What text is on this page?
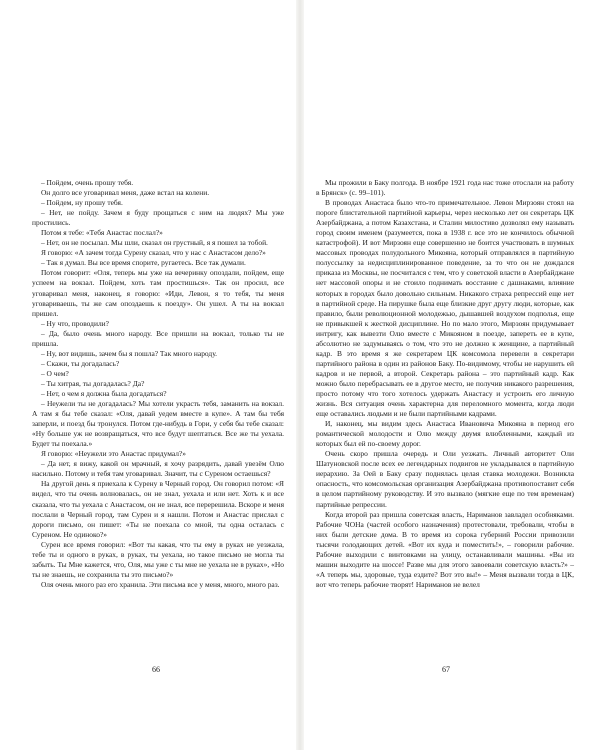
– Пойдем, очень прошу тебя.

Он долго все уговаривал меня, даже встал на колени.

– Пойдем, ну прошу тебя.

– Нет, не пойду. Зачем я буду прощаться с ним на людях? Мы уже простились.

Потом я тебе: «Тебя Анастас послал?»

– Нет, он не посылал. Мы шли, сказал он грустный, я я пошел за тобой.

Я говорю: «А зачем тогда Сурену сказал, что у нас с Анастасом дело?»

– Так я думал. Вы все время спорите, ругаетесь. Все так думали.

Потом говорит: «Оля, теперь мы уже на вечеринку опоздали, пойдем, еще успеем на вокзал. Пойдем, хоть там простишься». Так он просил, все уговаривал меня, наконец, я говорю: «Иди, Левон, я то тебя, ты меня уговариваешь, ты же сам опоздаешь к поезду». Он ушел. А ты на вокзал пришел.

– Ну что, проводили?

– Да, было очень много народу. Все пришли на вокзал, только ты не пришла.

– Ну, вот видишь, зачем бы я пошла? Так много народу.

– Скажи, ты догадалась?

– О чем?

– Ты хитрая, ты догадалась? Да?

– Нет, о чем я должна была догадаться?

– Неужели ты не догадалась? Мы хотели украсть тебя, заманить на вокзал. А там я бы тебе сказал: «Оля, давай уедем вместе в купе». А там бы тебя заперли, и поезд бы тронулся. Потом где-нибудь в Гори, у себя бы тебе сказал: «Ну больше уж не возвращаться, что все будут шептаться. Все же ты уехала. Будет ты поехала.»

Я говорю: «Неужели это Анастас придумал?»

– Да нет, я вижу, какой он мрачный, я хочу разрядить, давай увезём Олю насильно. Потому и тебя там уговаривал. Значит, ты с Суреном остаешься?

На другой день я приехала к Сурену в Черный город. Он говорил потом: «Я видел, что ты очень волновалась, он не знал, уехала и или нет. Хоть к и все сказала, что ты уехала с Анастасом, он не знал, все перерешила. Вскоре и меня послали в Черный город, там Сурен и я нашли. Потом и Анастас прислал с дороги письмо, он пишет: «Ты не поехала со мной, ты одна осталась с Суреном. Не одиноко?»

Сурен все время говорил: «Вот ты какая, что ты ему в руках не уезжала, тебе ты и одного в руках, в руках, ты уехала, но такое письмо не могла ты забыть. Ты Мне кажется, что, Оля, мы уже с ты мне не уехала не в руках», «Но ты не знаешь, не сохранила ты это письмо?»

Оля очень много раз его хранила. Эти письма все у меня, много, много раз.

66

Мы прожили в Баку полгода. В ноябре 1921 года нас тоже отослали на работу в Брянск» (с. 99–101).

В проводах Анастаса было что-то примечательное. Левон Мирзоян стоял на пороге блистательной партийной карьеры, через несколько лет он секретарь ЦК Азербайджана, а потом Казахстана, и Сталин милостиво дозволял ему называть город своим именем (разумеется, пока в 1938 г. все это не кончилось обычной катастрофой). И вот Мирзоян еще совершенно не боится участвовать в шумных массовых проводах полудольного Микояна, который отправлялся в партийную полуссылку за недисциплинированное поведение, за то что он не дождался приказа из Москвы, не посчитался с тем, что у советской власти в Азербайджане нет массовой опоры и не стоило поднимать восстание с дашнаками, влияние которых в городах было довольно сильным. Никакого страха репрессий еще нет в партийной среде. На пирушке была еще близкие друг другу люди, которые, как правило, были революционной молодежью, дышавшей воздухом подполья, еще не привыкшей к жесткой дисциплине. Но по мало этого, Мирзоян придумывает интригу, как вывезти Олю вместе с Микояном в поезде, запереть ее в купе, абсолютно не задумываясь о том, что это не должно к женщине, а партийный кадр. В это время я же секретарем ЦК комсомола перевели в секретари партийного района в один из районов Баку. По-видимому, чтобы не нарушить ей кадров и не первой, а второй. Секретарь района – это партийный кадр. Как можно было перебрасывать ее в другое место, не получив никакого разрешения, просто потому что того хотелось удержать Анастасу и устроить его личную жизнь. Вся ситуация очень характерна для переломного момента, когда люди еще оставались людьми и не были партийными кадрами.

И, наконец, мы видим здесь Анастаса Ивановича Микояна в период его романтической молодости и Олю между двумя влюбленными, каждый из которых был ей по-своему дорог.

Очень скоро пришла очередь и Оли уезжать. Личный авторитет Оли Шатуновской после всех ее легендарных подвигов не укладывался в партийную иерархию. За Оей в Баку сразу поднялась целая ставка молодежи. Возникла опасность, что комсомольская организация Азербайджана противопоставит себя в целом партийному руководству. И это вызвало (мягкие еще по тем временам) партийные репрессии.

Когда второй раз пришла советская власть, Нариманов завладел особняками. Рабочие ЧОНа (частей особого назначения) протестовали, требовали, чтобы в них были детские дома. В то время из сорока губерний России привозили тысячи голодающих детей. «Вот их куда и поместить!», – говорили рабочие. Рабочие выходили с винтовками на улицу, останавливали машины. «Вы из машин выходите на шоссе! Разве мы для этого завоевали советскую власть?» – «А теперь мы, здоровые, туда ездите? Вот это вы!» – Меня вызвали тогда в ЦК, вот что теперь рабочие творят! Нариманов не велел

67
